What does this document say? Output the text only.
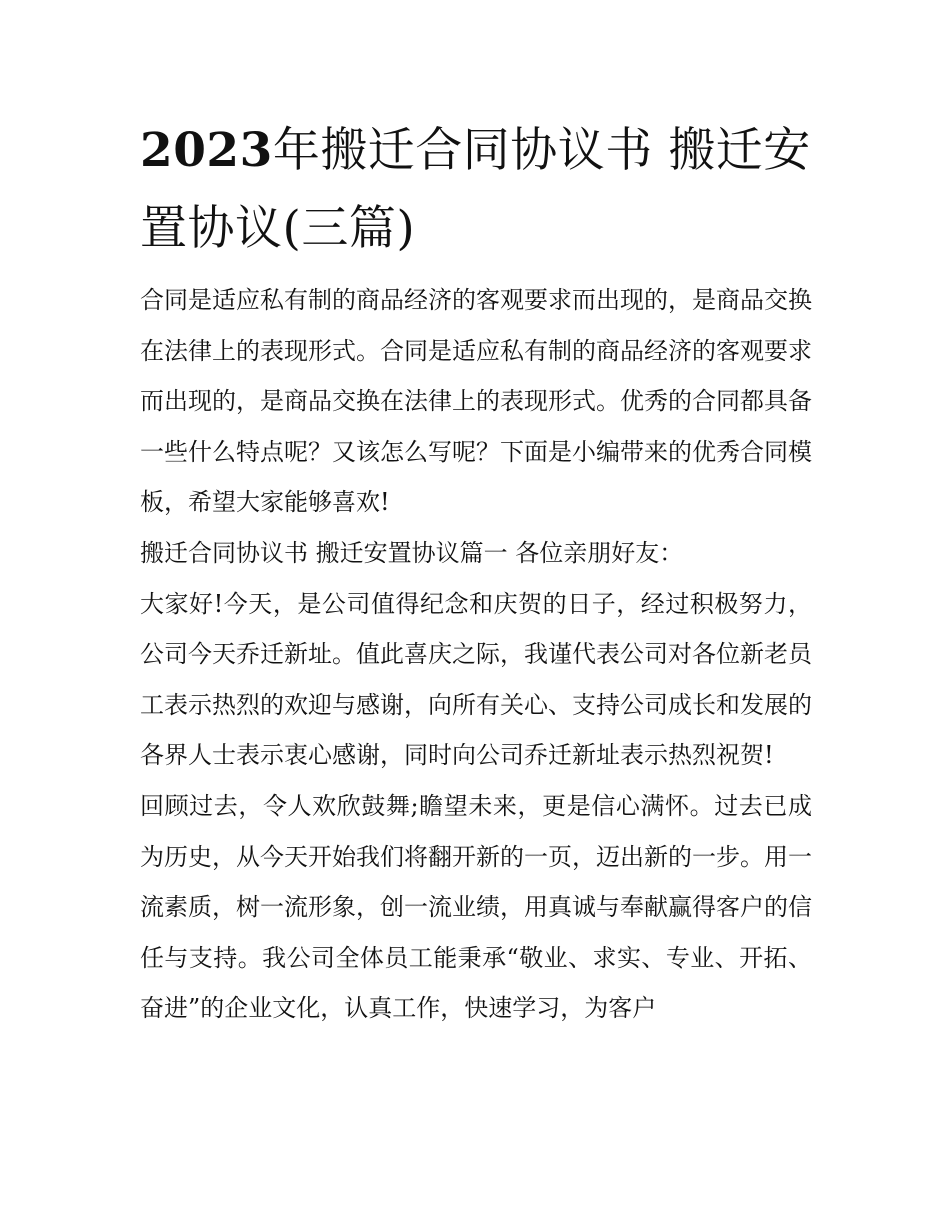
2023年搬迁合同协议书 搬迁安置协议(三篇)

合同是适应私有制的商品经济的客观要求而出现的，是商品交换在法律上的表现形式。合同是适应私有制的商品经济的客观要求而出现的，是商品交换在法律上的表现形式。优秀的合同都具备一些什么特点呢？又该怎么写呢？下面是小编带来的优秀合同模板，希望大家能够喜欢!

搬迁合同协议书 搬迁安置协议篇一 各位亲朋好友：

大家好!今天，是公司值得纪念和庆贺的日子，经过积极努力，公司今天乔迁新址。值此喜庆之际，我谨代表公司对各位新老员工表示热烈的欢迎与感谢，向所有关心、支持公司成长和发展的各界人士表示衷心感谢，同时向公司乔迁新址表示热烈祝贺!

回顾过去，令人欢欣鼓舞;瞻望未来，更是信心满怀。过去已成为历史，从今天开始我们将翻开新的一页，迈出新的一步。用一流素质，树一流形象，创一流业绩，用真诚与奉献赢得客户的信任与支持。我公司全体员工能秉承“敬业、求实、专业、开拓、奋进”的企业文化，认真工作，快速学习，为客户
